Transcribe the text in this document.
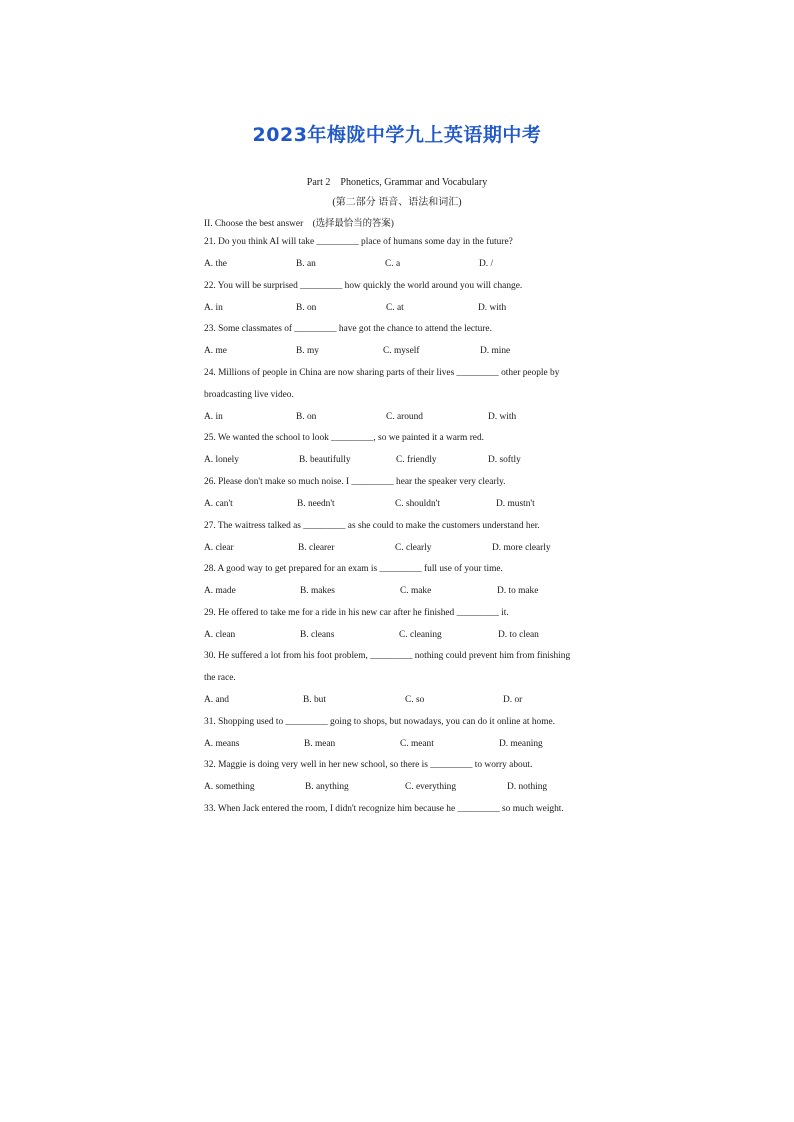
2023年梅陇中学九上英语期中考
Part 2　Phonetics, Grammar and Vocabulary
(第二部分 语音、语法和词汇)
II. Choose the best answer　(选择最恰当的答案)
21. Do you think AI will take _________ place of humans some day in the future?
A. the	B. an	C. a	D. /
22. You will be surprised _________ how quickly the world around you will change.
A. in	B. on	C. at	D. with
23. Some classmates of _________ have got the chance to attend the lecture.
A. me	B. my	C. myself	D. mine
24. Millions of people in China are now sharing parts of their lives _________ other people by
broadcasting live video.
A. in	B. on	C. around	D. with
25. We wanted the school to look _________, so we painted it a warm red.
A. lonely	B. beautifully	C. friendly	D. softly
26. Please don't make so much noise. I _________ hear the speaker very clearly.
A. can't	B. needn't	C. shouldn't	D. mustn't
27. The waitress talked as _________ as she could to make the customers understand her.
A. clear	B. clearer	C. clearly	D. more clearly
28. A good way to get prepared for an exam is _________ full use of your time.
A. made	B. makes	C. make	D. to make
29. He offered to take me for a ride in his new car after he finished _________ it.
A. clean	B. cleans	C. cleaning	D. to clean
30. He suffered a lot from his foot problem, _________ nothing could prevent him from finishing
the race.
A. and	B. but	C. so	D. or
31. Shopping used to _________ going to shops, but nowadays, you can do it online at home.
A. means	B. mean	C. meant	D. meaning
32. Maggie is doing very well in her new school, so there is _________ to worry about.
A. something	B. anything	C. everything	D. nothing
33. When Jack entered the room, I didn't recognize him because he _________ so much weight.
